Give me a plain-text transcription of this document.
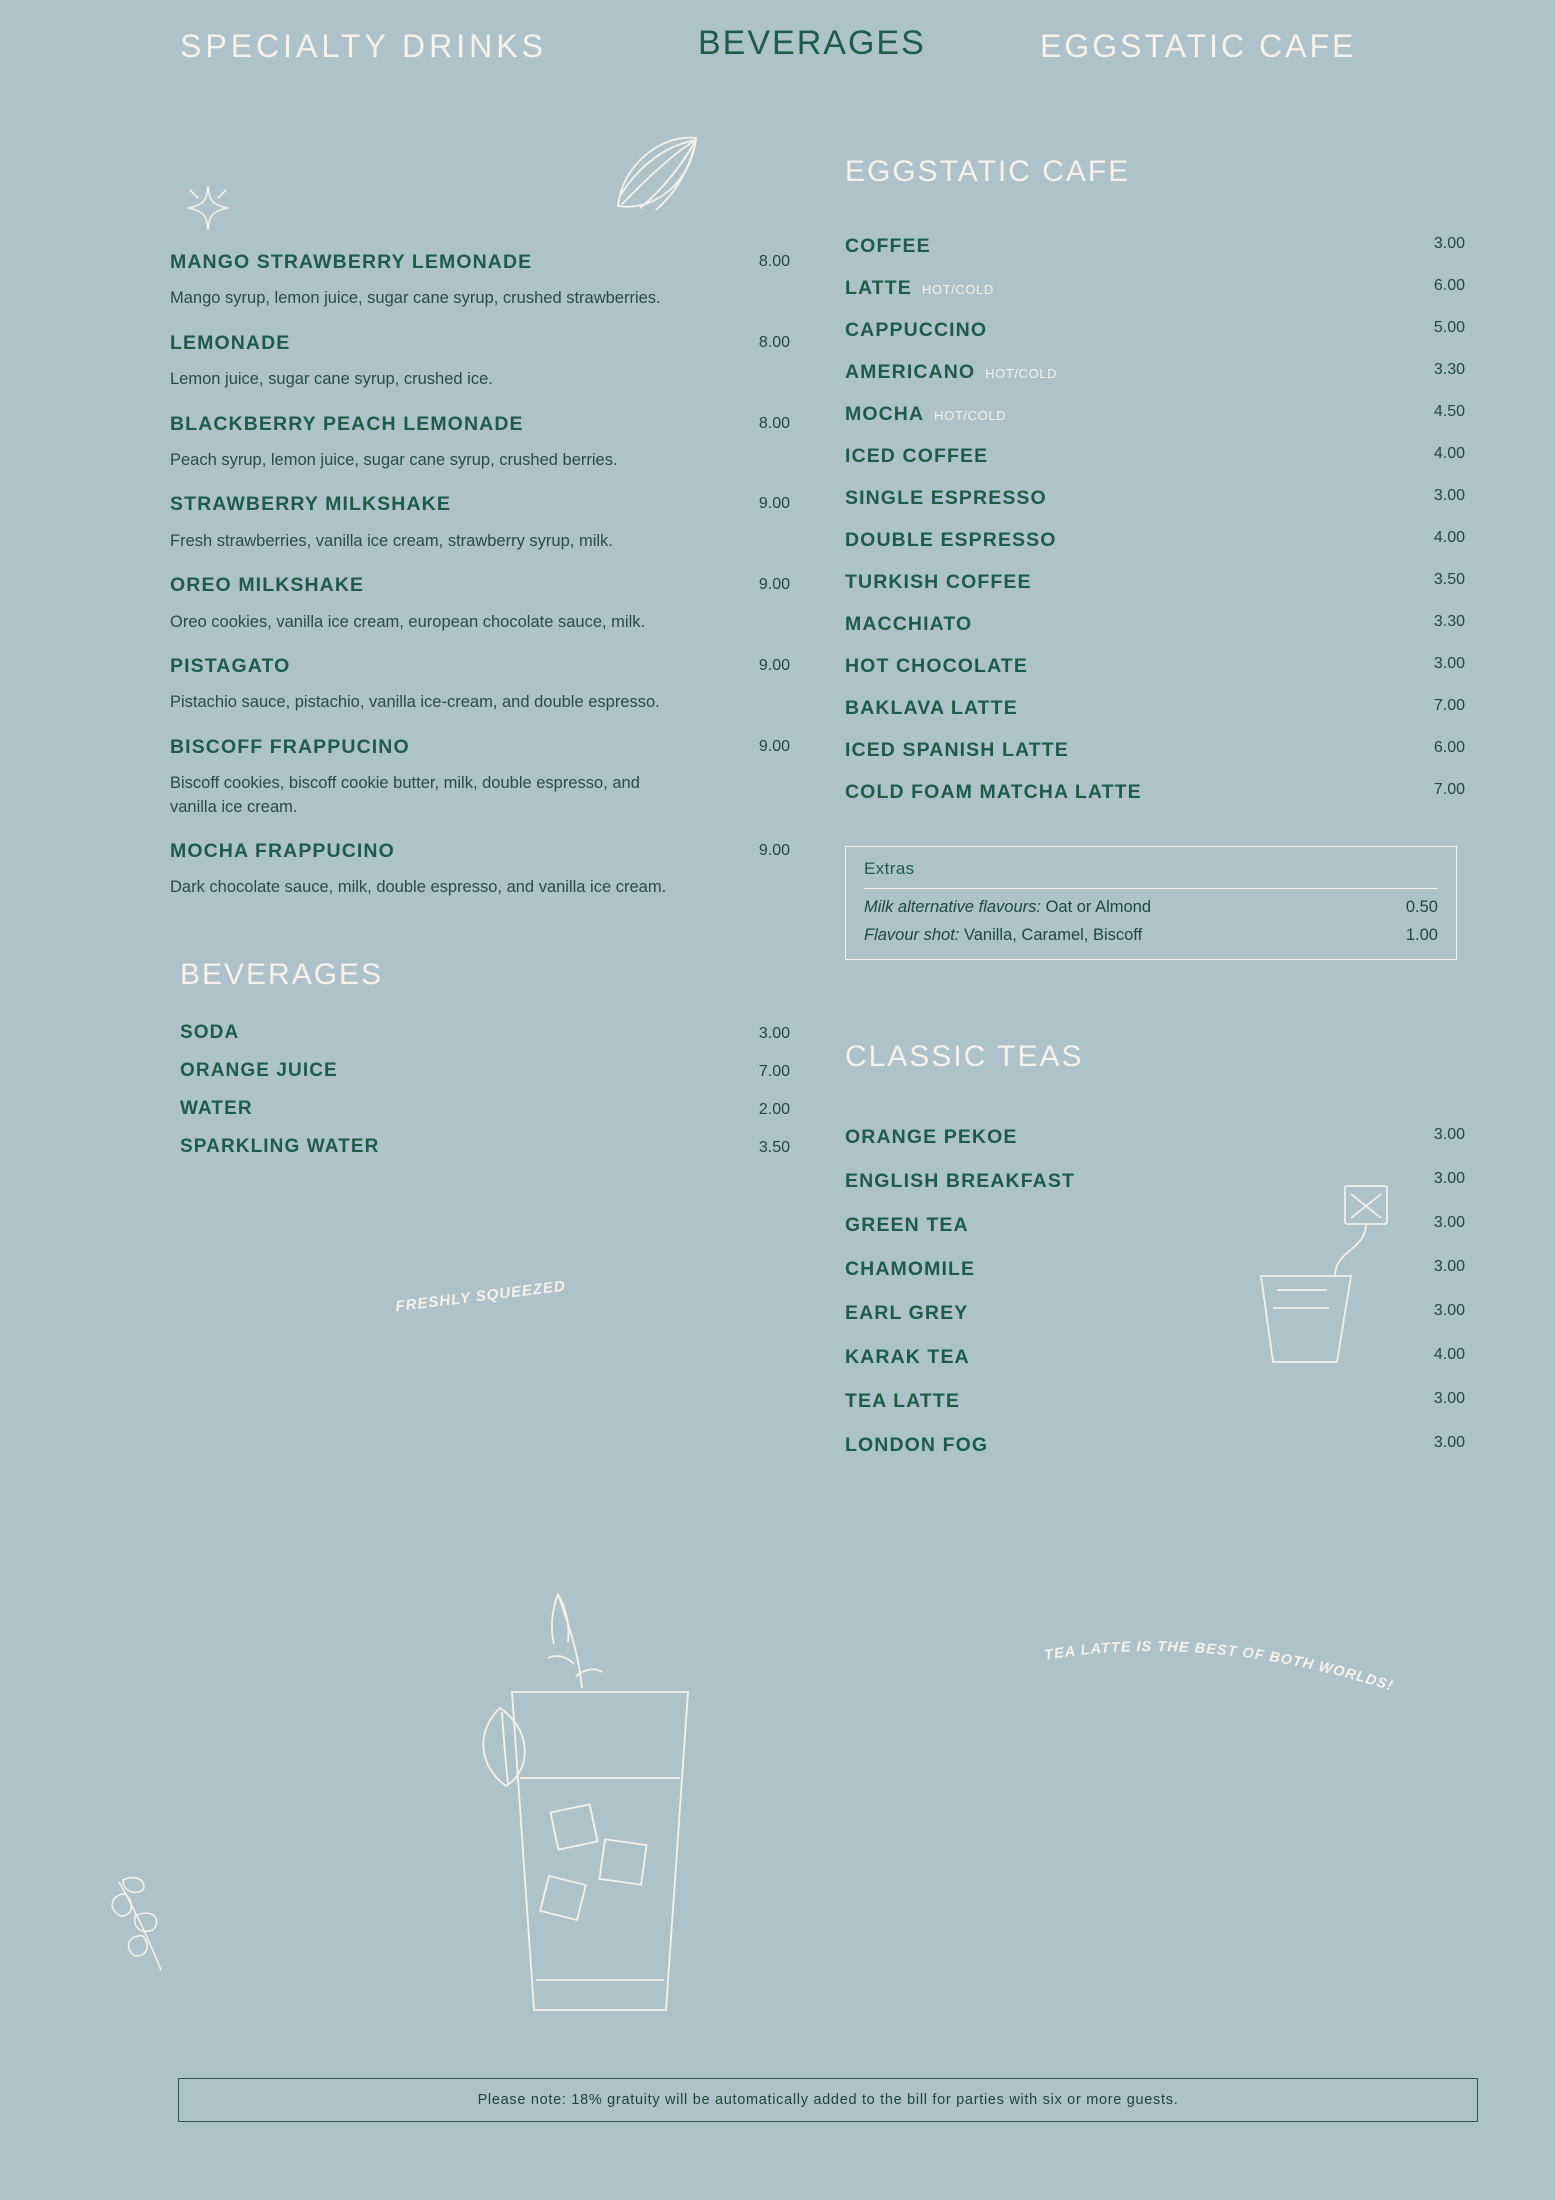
SPECIALTY DRINKS	BEVERAGES	EGGSTATIC CAFE
MANGO STRAWBERRY LEMONADE	8.00
Mango syrup, lemon juice, sugar cane syrup, crushed strawberries.
LEMONADE	8.00
Lemon juice, sugar cane syrup, crushed ice.
BLACKBERRY PEACH LEMONADE	8.00
Peach syrup, lemon juice, sugar cane syrup, crushed berries.
STRAWBERRY MILKSHAKE	9.00
Fresh strawberries, vanilla ice cream, strawberry syrup, milk.
OREO MILKSHAKE	9.00
Oreo cookies, vanilla ice cream, european chocolate sauce, milk.
PISTAGATO	9.00
Pistachio sauce, pistachio, vanilla ice-cream, and double espresso.
BISCOFF FRAPPUCINO	9.00
Biscoff cookies, biscoff cookie butter, milk, double espresso, and vanilla ice cream.
MOCHA FRAPPUCINO	9.00
Dark chocolate sauce, milk, double espresso, and vanilla ice cream.
BEVERAGES
SODA	3.00
ORANGE JUICE	7.00
WATER	2.00
SPARKLING WATER	3.50
FRESHLY SQUEEZED
EGGSTATIC CAFE
COFFEE	3.00
LATTE HOT/COLD	6.00
CAPPUCCINO	5.00
AMERICANO HOT/COLD	3.30
MOCHA HOT/COLD	4.50
ICED COFFEE	4.00
SINGLE ESPRESSO	3.00
DOUBLE ESPRESSO	4.00
TURKISH COFFEE	3.50
MACCHIATO	3.30
HOT CHOCOLATE	3.00
BAKLAVA LATTE	7.00
ICED SPANISH LATTE	6.00
COLD FOAM MATCHA LATTE	7.00
Extras
Milk alternative flavours: Oat or Almond	0.50
Flavour shot: Vanilla, Caramel, Biscoff	1.00
CLASSIC TEAS
ORANGE PEKOE	3.00
ENGLISH BREAKFAST	3.00
GREEN TEA	3.00
CHAMOMILE	3.00
EARL GREY	3.00
KARAK TEA	4.00
TEA LATTE	3.00
LONDON FOG	3.00
TEA LATTE IS THE BEST OF BOTH WORLDS!
Please note: 18% gratuity will be automatically added to the bill for parties with six or more guests.
